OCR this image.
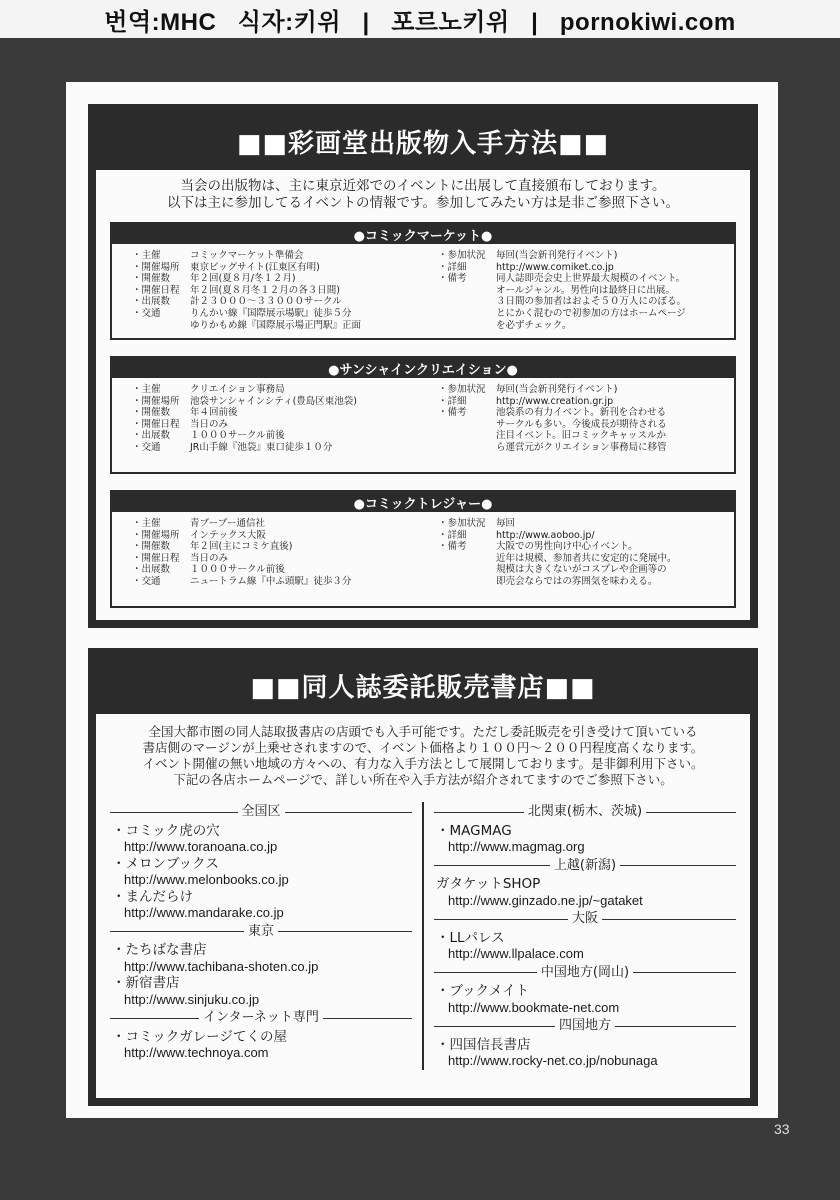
번역:MHC   식자:키위   |   포르노키위   |   pornokiwi.com
■■彩画堂出版物入手方法■■
当会の出版物は、主に東京近郊でのイベントに出展して直接頒布しております。
以下は主に参加してるイベントの情報です。参加してみたい方は是非ご参照下さい。
●コミックマーケット●
・主催	コミックマーケット準備会
・開催場所	東京ビッグサイト(江東区有明)
・開催数	年２回(夏８月/冬１２月)
・開催日程	年２回(夏８月冬１２月の各３日間)
・出展数	計２３０００〜３３０００サークル
・交通	りんかい線『国際展示場駅』徒歩５分
ゆりかもめ線『国際展示場正門駅』正面
・参加状況	毎回(当会新刊発行イベント)
・詳細	http://www.comiket.co.jp
・備考	同人誌即売会史上世界最大規模のイベント。
オールジャンル。男性向は最終日に出展。
３日間の参加者はおよそ５０万人にのぼる。
とにかく混むので初参加の方はホームページ
を必ずチェック。
●サンシャインクリエイション●
・主催	クリエイション事務局
・開催場所	池袋サンシャインシティ(豊島区東池袋)
・開催数	年４回前後
・開催日程	当日のみ
・出展数	１０００サークル前後
・交通	JR山手線『池袋』東口徒歩１０分
・参加状況	毎回(当会新刊発行イベント)
・詳細	http://www.creation.gr.jp
・備考	池袋系の有力イベント。新刊を合わせる
サークルも多い。今後成長が期待される
注目イベント。旧コミックキャッスルか
ら運営元がクリエイション事務局に移管
●コミックトレジャー●
・主催	青ブーブー通信社
・開催場所	インテックス大阪
・開催数	年２回(主にコミケ直後)
・開催日程	当日のみ
・出展数	１０００サークル前後
・交通	ニュートラム線『中ふ頭駅』徒歩３分
・参加状況	毎回
・詳細	http://www.aoboo.jp/
・備考	大阪での男性向け中心イベント。
近年は規模、参加者共に安定的に発展中。
規模は大きくないがコスプレや企画等の
即売会ならではの雰囲気を味わえる。
■■同人誌委託販売書店■■
全国大都市圏の同人誌取扱書店の店頭でも入手可能です。ただし委託販売を引き受けて頂いている
書店側のマージンが上乗せされますので、イベント価格より１００円〜２００円程度高くなります。
イベント開催の無い地域の方々への、有力な入手方法として展開しております。是非御利用下さい。
下記の各店ホームページで、詳しい所在や入手方法が紹介されてますのでご参照下さい。
全国区
・コミック虎の穴
http://www.toranoana.co.jp
・メロンブックス
http://www.melonbooks.co.jp
・まんだらけ
http://www.mandarake.co.jp
東京
・たちばな書店
http://www.tachibana-shoten.co.jp
・新宿書店
http://www.sinjuku.co.jp
インターネット専門
・コミックガレージてくの屋
http://www.technoya.com
北関東(栃木、茨城)
・MAGMAG
http://www.magmag.org
上越(新潟)
ガタケットSHOP
http://www.ginzado.ne.jp/~gataket
大阪
・LLパレス
http://www.llpalace.com
中国地方(岡山)
・ブックメイト
http://www.bookmate-net.com
四国地方
・四国信長書店
http://www.rocky-net.co.jp/nobunaga
33
